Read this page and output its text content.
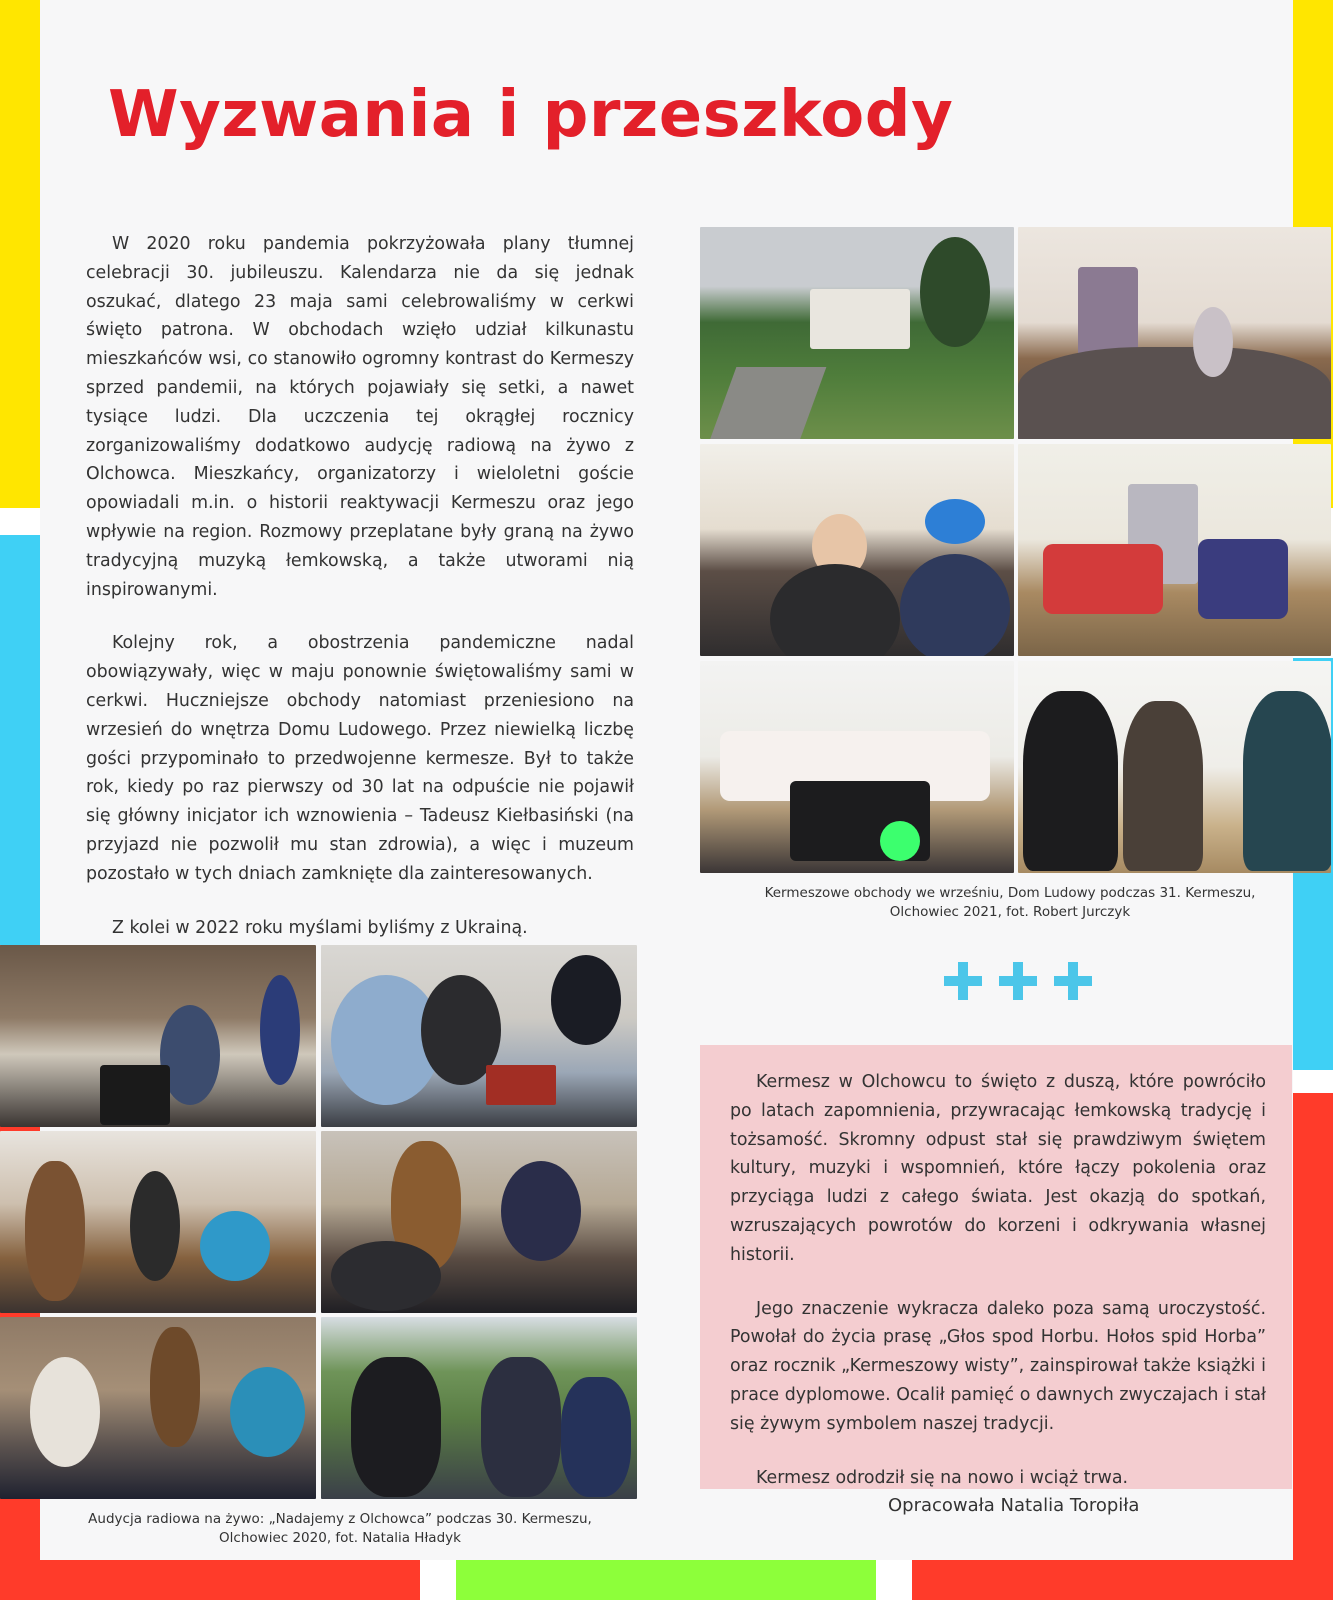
Wyzwania i przeszkody

W 2020 roku pandemia pokrzyżowała plany tłumnej celebracji 30. jubileuszu. Kalendarza nie da się jednak oszukać, dlatego 23 maja sami celebrowaliśmy w cerkwi święto patrona. W obchodach wzięło udział kilkunastu mieszkańców wsi, co stanowiło ogromny kontrast do Kermeszy sprzed pandemii, na których pojawiały się setki, a nawet tysiące ludzi. Dla uczczenia tej okrągłej rocznicy zorganizowaliśmy dodatkowo audycję radiową na żywo z Olchowca. Mieszkańcy, organizatorzy i wieloletni goście opowiadali m.in. o historii reaktywacji Kermeszu oraz jego wpływie na region. Rozmowy przeplatane były graną na żywo tradycyjną muzyką łemkowską, a także utworami nią inspirowanymi.

Kolejny rok, a obostrzenia pandemiczne nadal obowiązywały, więc w maju ponownie świętowaliśmy sami w cerkwi. Huczniejsze obchody natomiast przeniesiono na wrzesień do wnętrza Domu Ludowego. Przez niewielką liczbę gości przypominało to przedwojenne kermesze. Był to także rok, kiedy po raz pierwszy od 30 lat na odpuście nie pojawił się główny inicjator ich wznowienia – Tadeusz Kiełbasiński (na przyjazd nie pozwolił mu stan zdrowia), a więc i muzeum pozostało w tych dniach zamknięte dla zainteresowanych.

Z kolei w 2022 roku myślami byliśmy z Ukrainą.

Kermeszowe obchody we wrześniu, Dom Ludowy podczas 31. Kermeszu,
Olchowiec 2021, fot. Robert Jurczyk
Audycja radiowa na żywo: „Nadajemy z Olchowca” podczas 30. Kermeszu,
Olchowiec 2020, fot. Natalia Hładyk

Kermesz w Olchowcu to święto z duszą, które powróciło po latach zapomnienia, przywracając łemkowską tradycję i tożsamość. Skromny odpust stał się prawdziwym świętem kultury, muzyki i wspomnień, które łączy pokolenia oraz przyciąga ludzi z całego świata. Jest okazją do spotkań, wzruszających powrotów do korzeni i odkrywania własnej historii.

Jego znaczenie wykracza daleko poza samą uroczystość. Powołał do życia prasę „Głos spod Horbu. Hołos spid Horba” oraz rocznik „Kermeszowy wisty”, zainspirował także książki i prace dyplomowe. Ocalił pamięć o dawnych zwyczajach i stał się żywym symbolem naszej tradycji.

Kermesz odrodził się na nowo i wciąż trwa.

Opracowała Natalia Toropiła
